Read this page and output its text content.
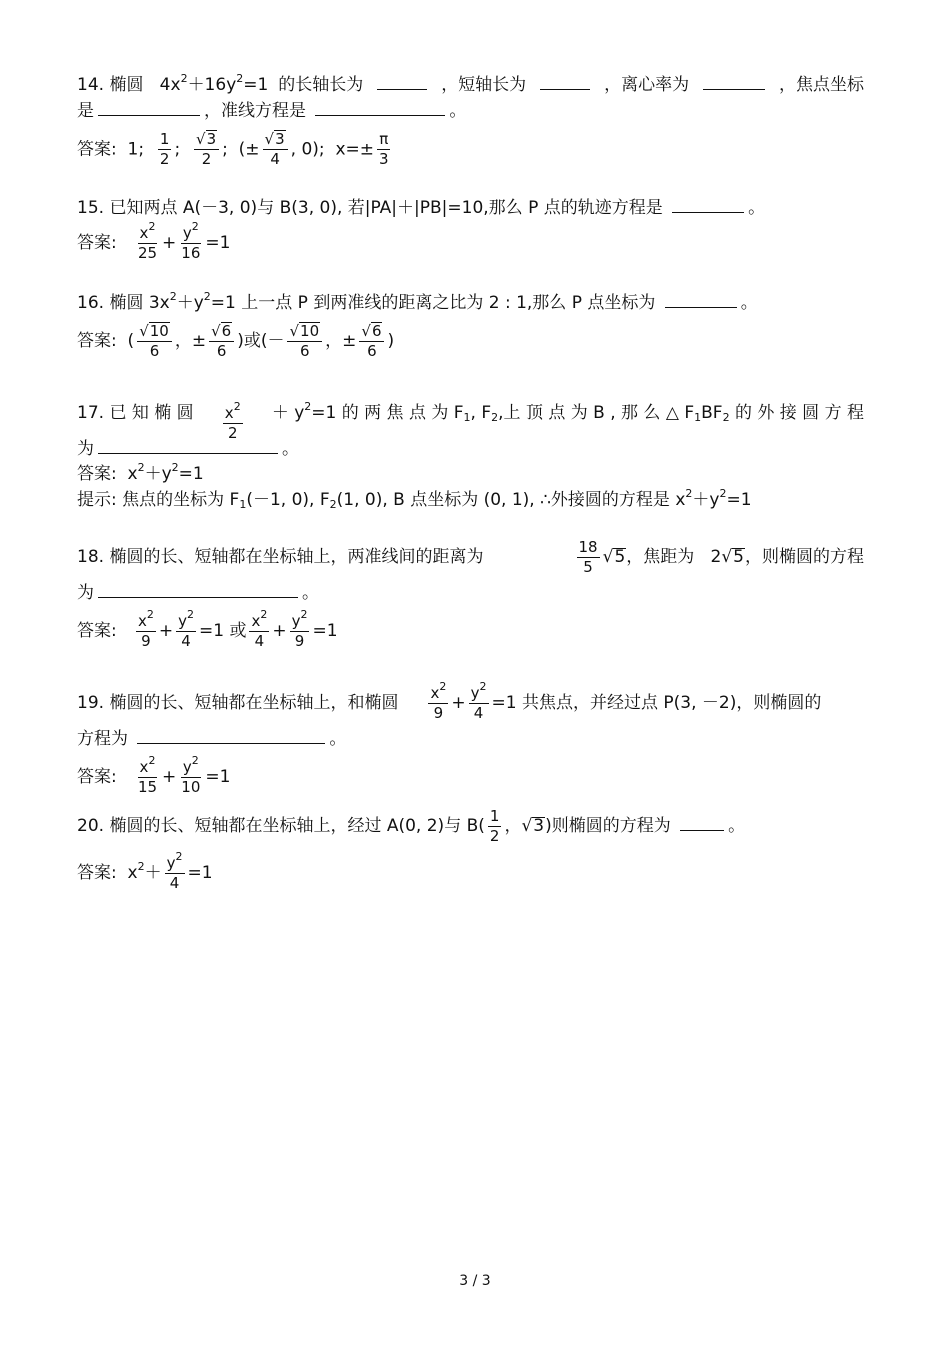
14. 椭圆 $4x^2+16y^2=1$ 的长轴长为	，短轴长为	，离心率为	，焦点坐标
是	，准线方程是	。
答案: 1; $\frac{1}{2}$ ; $\frac{√3}{2}$ ; (± $\frac{√3}{4}$ , 0); $x=\pm \frac{\pi}{3}$
15. 已知两点 A(－3, 0)与 B(3, 0), 若|PA|＋|PB|=10,那么 P 点的轨迹方程是	。
答案: $\frac{x^2}{25} + \frac{y^2}{16} =1$
16. 椭圆 $3x^2+y^2=1$ 上一点 P 到两准线的距离之比为 2 : 1,那么 P 点坐标为	。
答案: ( $\frac{√10}{6}$ ，± $\frac{√6}{6}$ )或(－ $\frac{√10}{6}$ ，± $\frac{√6}{6}$ )
17. 已 知 椭 圆 $\frac{x^2}{2} + y^2=1$ 的 两 焦 点 为 $F_1$, $F_2$,上 顶 点 为 B , 那 么 △ $F_1BF_2$ 的 外 接 圆 方 程
为	。
答案: $x^2+y^2=1$
提示: 焦点的坐标为 $F_1(-1$, 0), $F_2(1$, 0), B 点坐标为 (0, 1), ∴外接圆的方程是 $x^2+y^2=1$
18. 椭圆的长、短轴都在坐标轴上，两准线间的距离为	$\frac{18}{5} √5$，焦距为 2√5，则椭圆的方程
为	。
答案: $\frac{x^2}{9} + \frac{y^2}{4} =1$ 或 $\frac{x^2}{4} + \frac{y^2}{9} =1$
19. 椭圆的长、短轴都在坐标轴上，和椭圆 $\frac{x^2}{9} + \frac{y^2}{4} =1$ 共焦点，并经过点 P(3, －2)，则椭圆的
方程为	。
答案: $\frac{x^2}{15} + \frac{y^2}{10} =1$
20. 椭圆的长、短轴都在坐标轴上，经过 A(0, 2)与 $B( \frac{1}{2}$ ，√3)则椭圆的方程为	。
答案: $x^2+ \frac{y^2}{4} =1$
3 / 3
